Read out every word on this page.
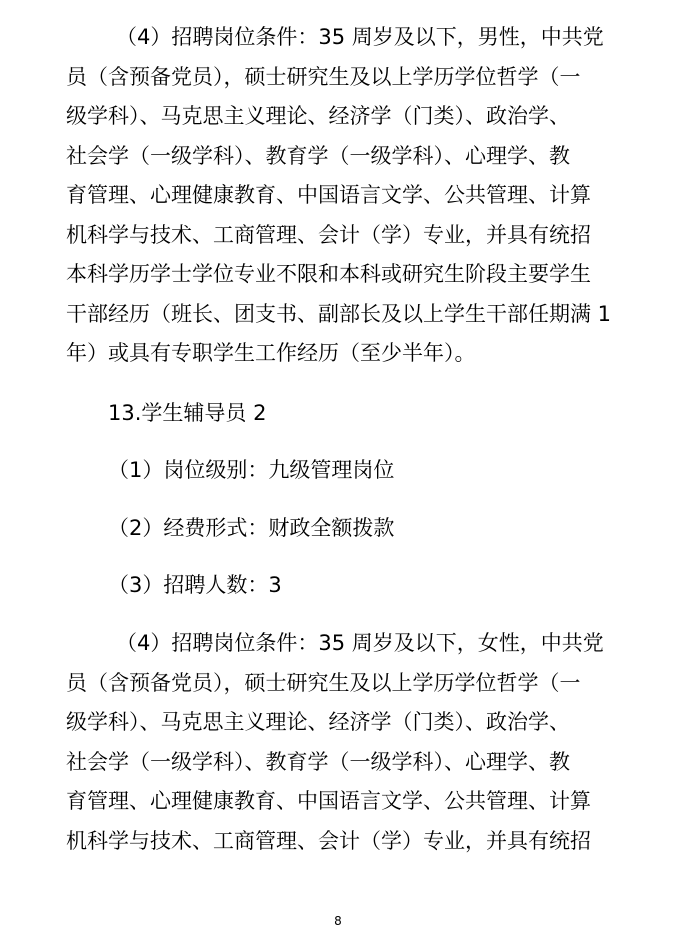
（4）招聘岗位条件：35 周岁及以下，男性，中共党
员（含预备党员），硕士研究生及以上学历学位哲学（一
级学科）、马克思主义理论、经济学（门类）、政治学、
社会学（一级学科）、教育学（一级学科）、心理学、教
育管理、心理健康教育、中国语言文学、公共管理、计算
机科学与技术、工商管理、会计（学）专业，并具有统招
本科学历学士学位专业不限和本科或研究生阶段主要学生
干部经历（班长、团支书、副部长及以上学生干部任期满 1
年）或具有专职学生工作经历（至少半年）。
13.学生辅导员 2
（1）岗位级别：九级管理岗位
（2）经费形式：财政全额拨款
（3）招聘人数：3
（4）招聘岗位条件：35 周岁及以下，女性，中共党
员（含预备党员），硕士研究生及以上学历学位哲学（一
级学科）、马克思主义理论、经济学（门类）、政治学、
社会学（一级学科）、教育学（一级学科）、心理学、教
育管理、心理健康教育、中国语言文学、公共管理、计算
机科学与技术、工商管理、会计（学）专业，并具有统招
8
